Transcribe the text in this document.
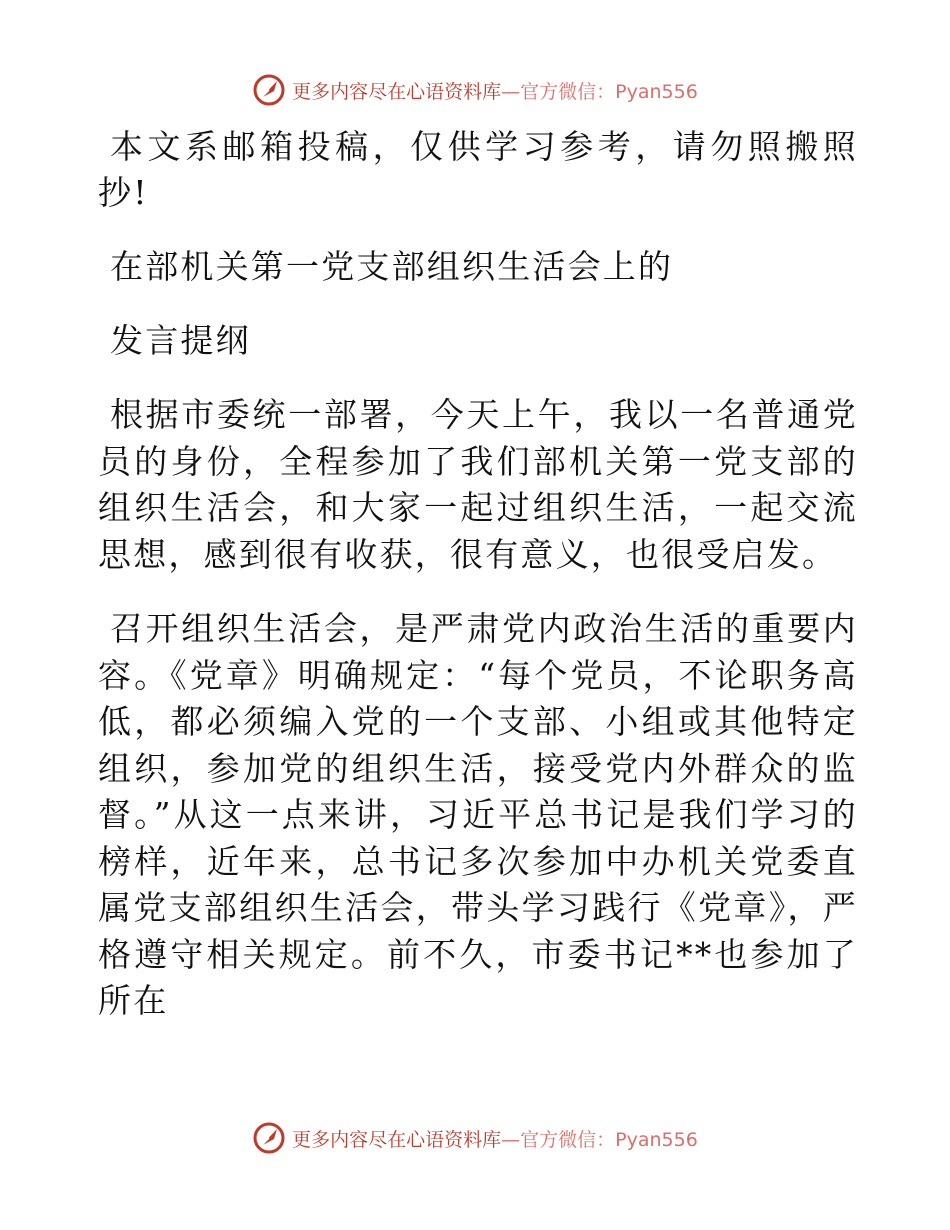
更多内容尽在心语资料库—官方微信：Pyan556

本文系邮箱投稿，仅供学习参考，请勿照搬照抄!

在部机关第一党支部组织生活会上的

发言提纲

根据市委统一部署，今天上午，我以一名普通党员的身份，全程参加了我们部机关第一党支部的组织生活会，和大家一起过组织生活，一起交流思想，感到很有收获，很有意义，也很受启发。

召开组织生活会，是严肃党内政治生活的重要内容。《党章》明确规定：“每个党员，不论职务高低，都必须编入党的一个支部、小组或其他特定组织，参加党的组织生活，接受党内外群众的监督。”从这一点来讲，习近平总书记是我们学习的榜样，近年来，总书记多次参加中办机关党委直属党支部组织生活会，带头学习践行《党章》，严格遵守相关规定。前不久，市委书记**也参加了所在

更多内容尽在心语资料库—官方微信：Pyan556
